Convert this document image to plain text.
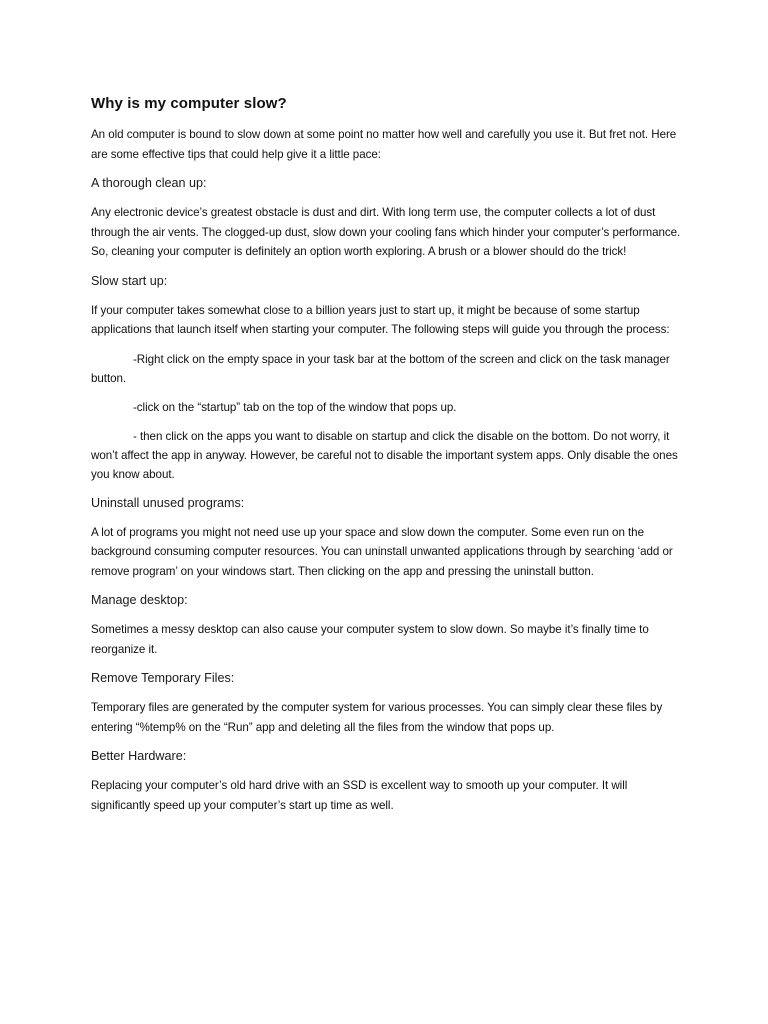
Why is my computer slow?
An old computer is bound to slow down at some point no matter how well and carefully you use it. But fret not. Here are some effective tips that could help give it a little pace:
A thorough clean up:
Any electronic device’s greatest obstacle is dust and dirt. With long term use, the computer collects a lot of dust through the air vents. The clogged-up dust, slow down your cooling fans which hinder your computer’s performance. So, cleaning your computer is definitely an option worth exploring. A brush or a blower should do the trick!
Slow start up:
If your computer takes somewhat close to a billion years just to start up, it might be because of some startup applications that launch itself when starting your computer. The following steps will guide you through the process:
-Right click on the empty space in your task bar at the bottom of the screen and click on the task manager button.
-click on the “startup” tab on the top of the window that pops up.
- then click on the apps you want to disable on startup and click the disable on the bottom. Do not worry, it won’t affect the app in anyway. However, be careful not to disable the important system apps. Only disable the ones you know about.
Uninstall unused programs:
A lot of programs you might not need use up your space and slow down the computer. Some even run on the background consuming computer resources. You can uninstall unwanted applications through by searching ‘add or remove program’ on your windows start. Then clicking on the app and pressing the uninstall button.
Manage desktop:
Sometimes a messy desktop can also cause your computer system to slow down. So maybe it’s finally time to reorganize it.
Remove Temporary Files:
Temporary files are generated by the computer system for various processes. You can simply clear these files by entering “%temp% on the “Run” app and deleting all the files from the window that pops up.
Better Hardware:
Replacing your computer’s old hard drive with an SSD is excellent way to smooth up your computer. It will significantly speed up your computer’s start up time as well.
